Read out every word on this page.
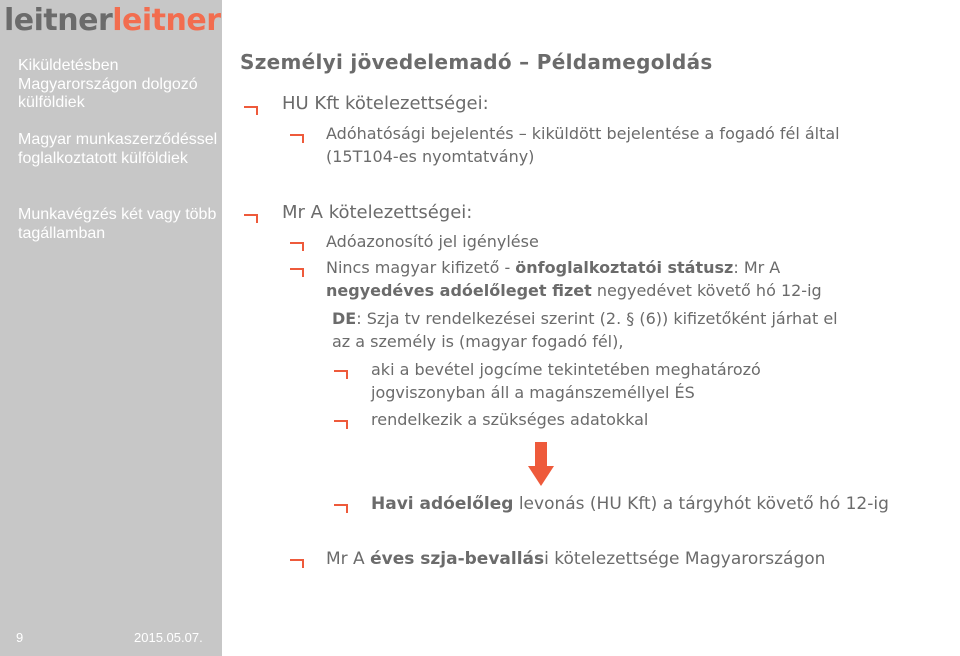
leitnerleitner
Kiküldetésben Magyarországon dolgozó külföldiek
Magyar munkaszerződéssel foglalkoztatott külföldiek
Munkavégzés két vagy több tagállamban
9	2015.05.07.
Személyi jövedelemadó – Példamegoldás
HU Kft kötelezettségei:
Adóhatósági bejelentés – kiküldött bejelentése a fogadó fél által
(15T104-es nyomtatvány)
Mr A kötelezettségei:
Adóazonosító jel igénylése
Nincs magyar kifizető - önfoglalkoztatói státusz: Mr A
negyedéves adóelőleget fizet negyedévet követő hó 12-ig
DE: Szja tv rendelkezései szerint (2. § (6)) kifizetőként járhat el
az a személy is (magyar fogadó fél),
aki a bevétel jogcíme tekintetében meghatározó
jogviszonyban áll a magánszeméllyel ÉS
rendelkezik a szükséges adatokkal
Havi adóelőleg levonás (HU Kft) a tárgyhót követő hó 12-ig
Mr A éves szja-bevallási kötelezettsége Magyarországon
